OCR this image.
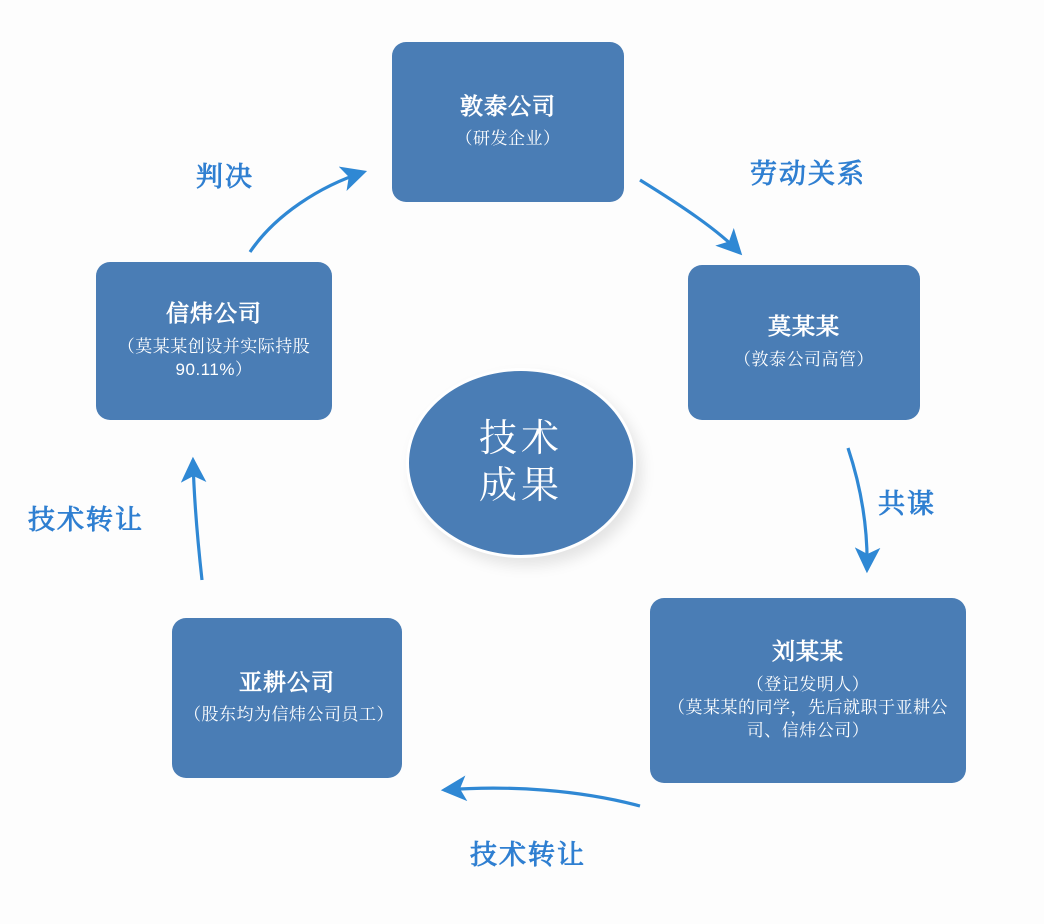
敦泰公司
（研发企业）
莫某某
（敦泰公司高管）
刘某某
（登记发明人）
（莫某某的同学，先后就职于亚耕公司、信炜公司）
亚耕公司
（股东均为信炜公司员工）
信炜公司
（莫某某创设并实际持股90.11%）
技术
成果
判决	劳动关系
共谋
技术转让
技术转让
